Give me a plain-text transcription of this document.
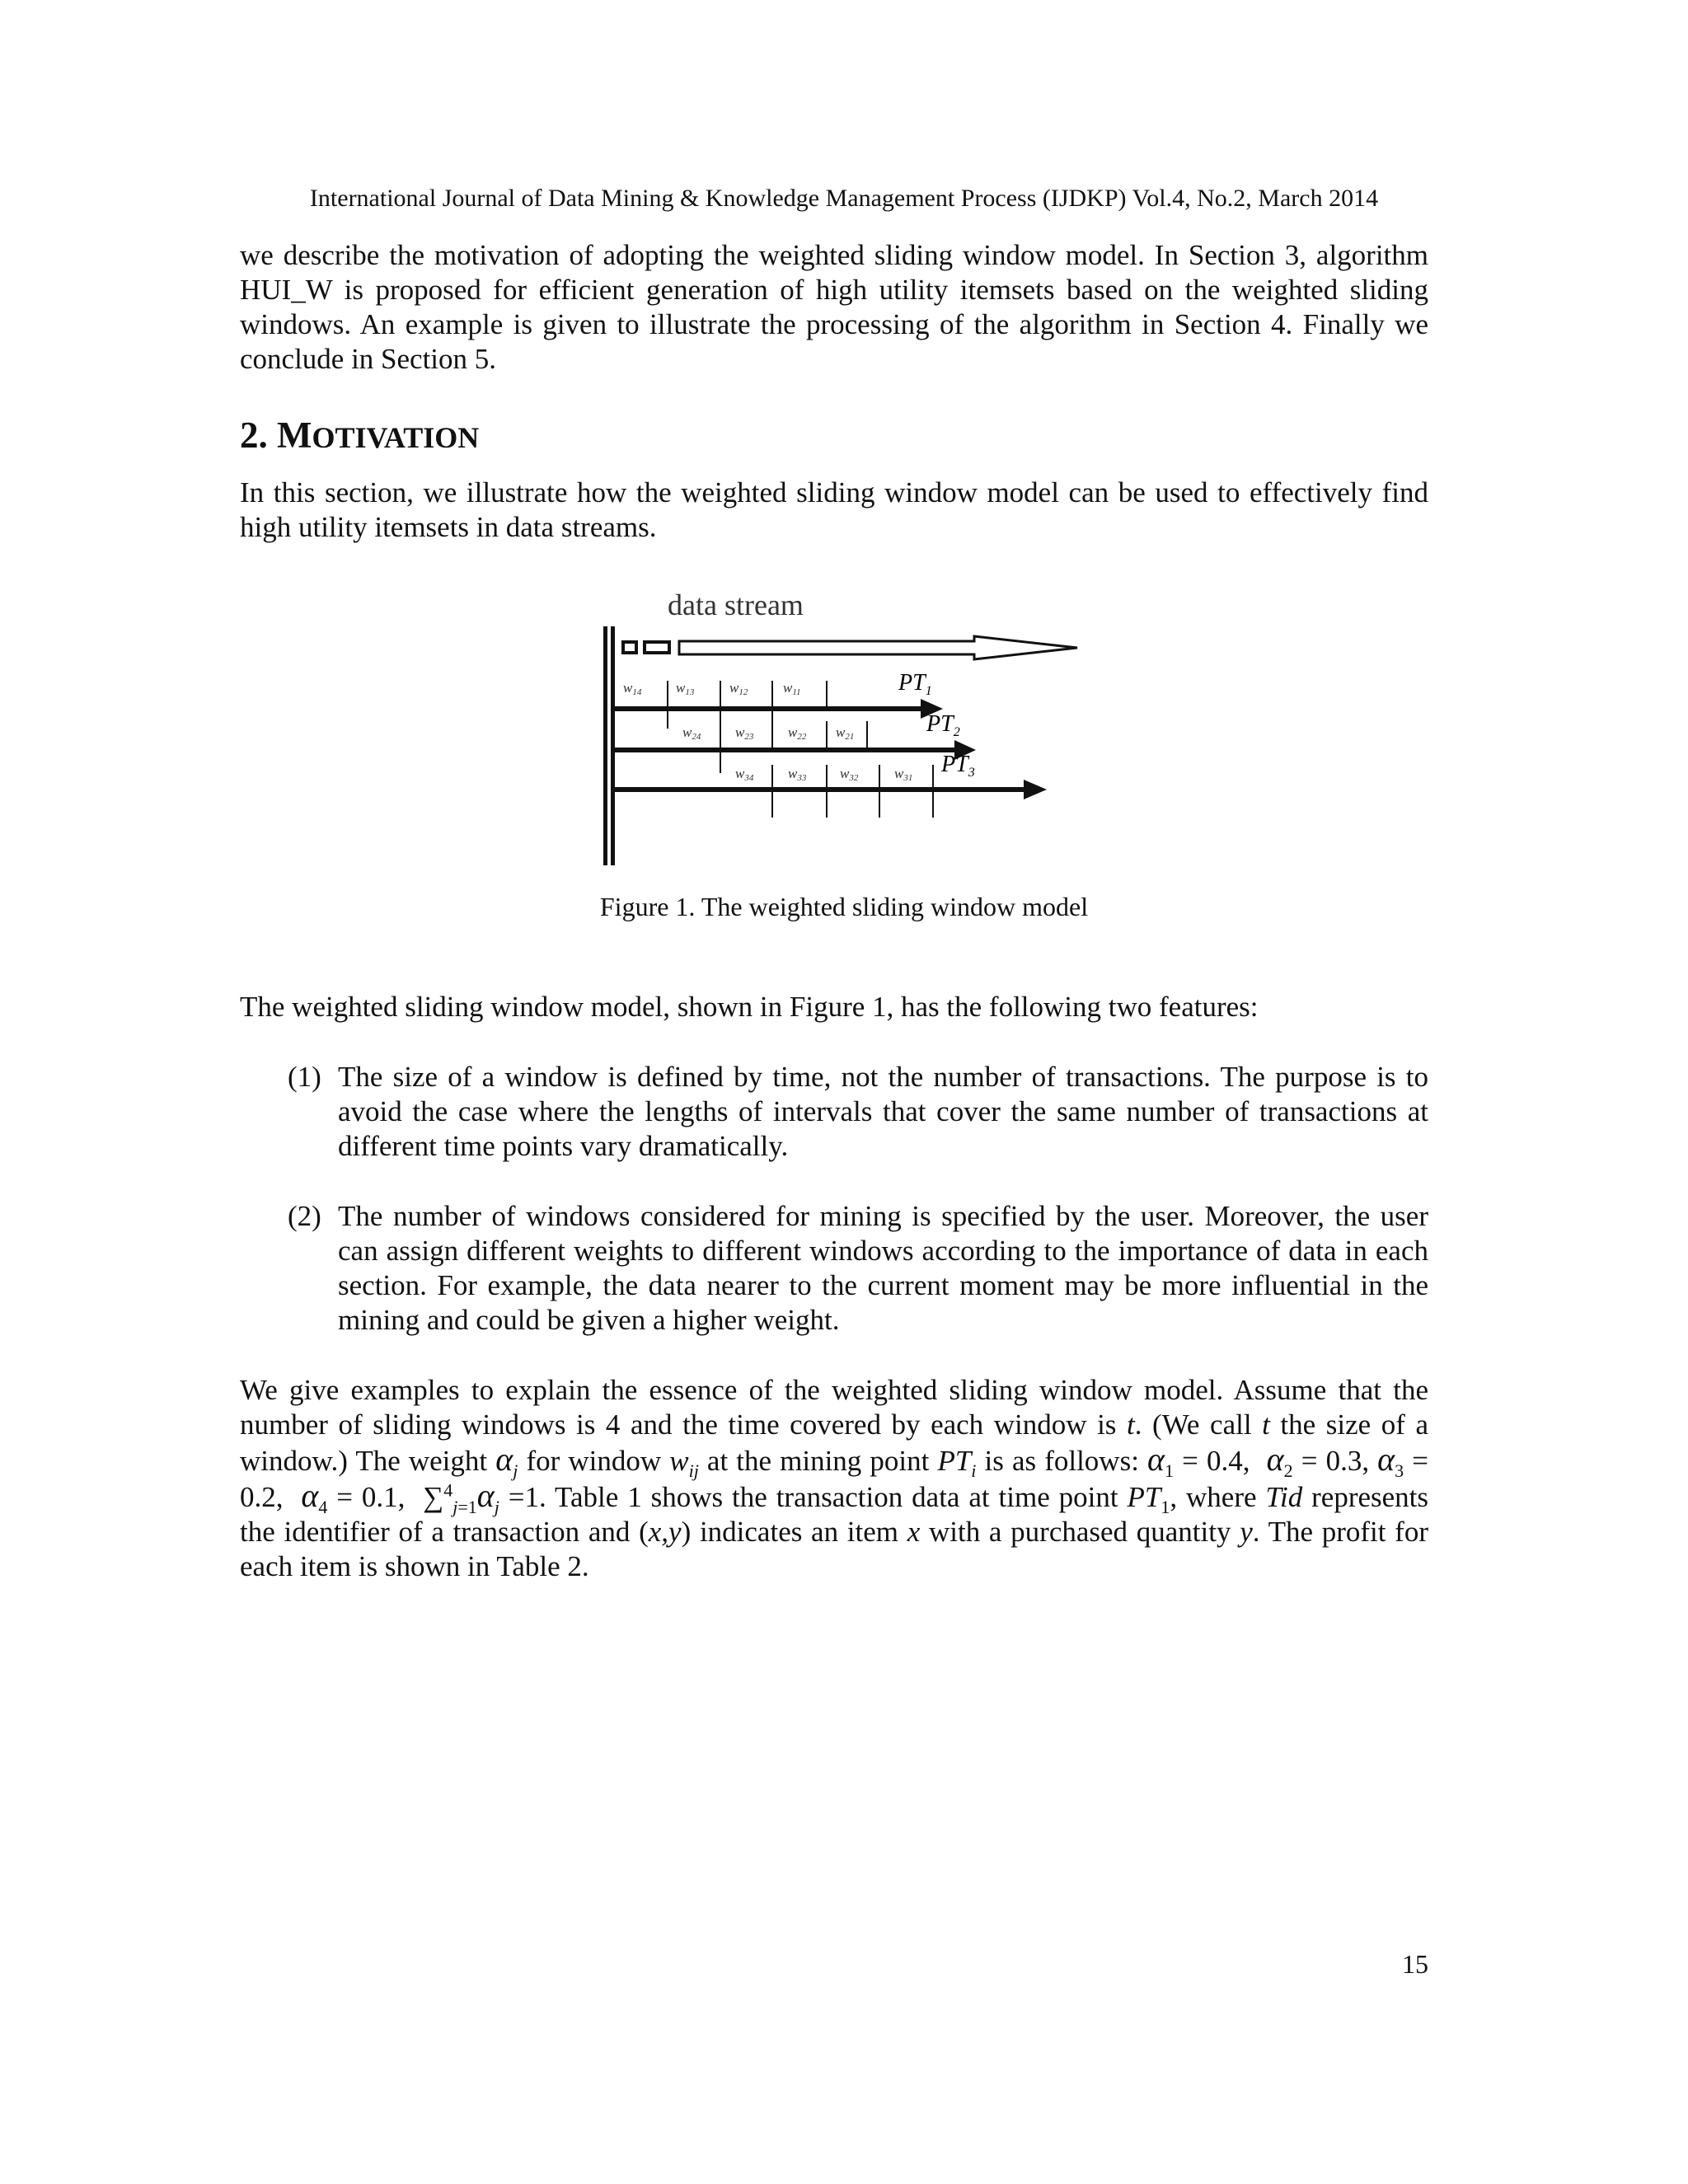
International Journal of Data Mining & Knowledge Management Process (IJDKP) Vol.4, No.2, March 2014

we describe the motivation of adopting the weighted sliding window model. In Section 3, algorithm HUI_W is proposed for efficient generation of high utility itemsets based on the weighted sliding windows. An example is given to illustrate the processing of the algorithm in Section 4. Finally we conclude in Section 5.

2. MOTIVATION

In this section, we illustrate how the weighted sliding window model can be used to effectively find high utility itemsets in data streams.

data stream
$PT_1$
w14 w13	w12	w11
$PT_2$
w24 w23 w22 w21
$PT_3$
w34 w33 w32	w31
Figure 1. The weighted sliding window model

The weighted sliding window model, shown in Figure 1, has the following two features:

(1) The size of a window is defined by time, not the number of transactions. The purpose is to avoid the case where the lengths of intervals that cover the same number of transactions at different time points vary dramatically.
(2) The number of windows considered for mining is specified by the user. Moreover, the user can assign different weights to different windows according to the importance of data in each section. For example, the data nearer to the current moment may be more influential in the mining and could be given a higher weight.

We give examples to explain the essence of the weighted sliding window model. Assume that the number of sliding windows is 4 and the time covered by each window is t. (We call t the size of a window.) The weight $\alpha_j$ for window $w_{ij}$ at the mining point $PT_i$ is as follows: $\alpha_1 = 0.4$, $\alpha_2 = 0.3$, $\alpha_3 = 0.2$, $\alpha_4 = 0.1$, $\sum^4_{j=1}\alpha_j =1$. Table 1 shows the transaction data at time point $PT_1$, where Tid represents the identifier of a transaction and (x,y) indicates an item x with a purchased quantity y. The profit for each item is shown in Table 2.

15
